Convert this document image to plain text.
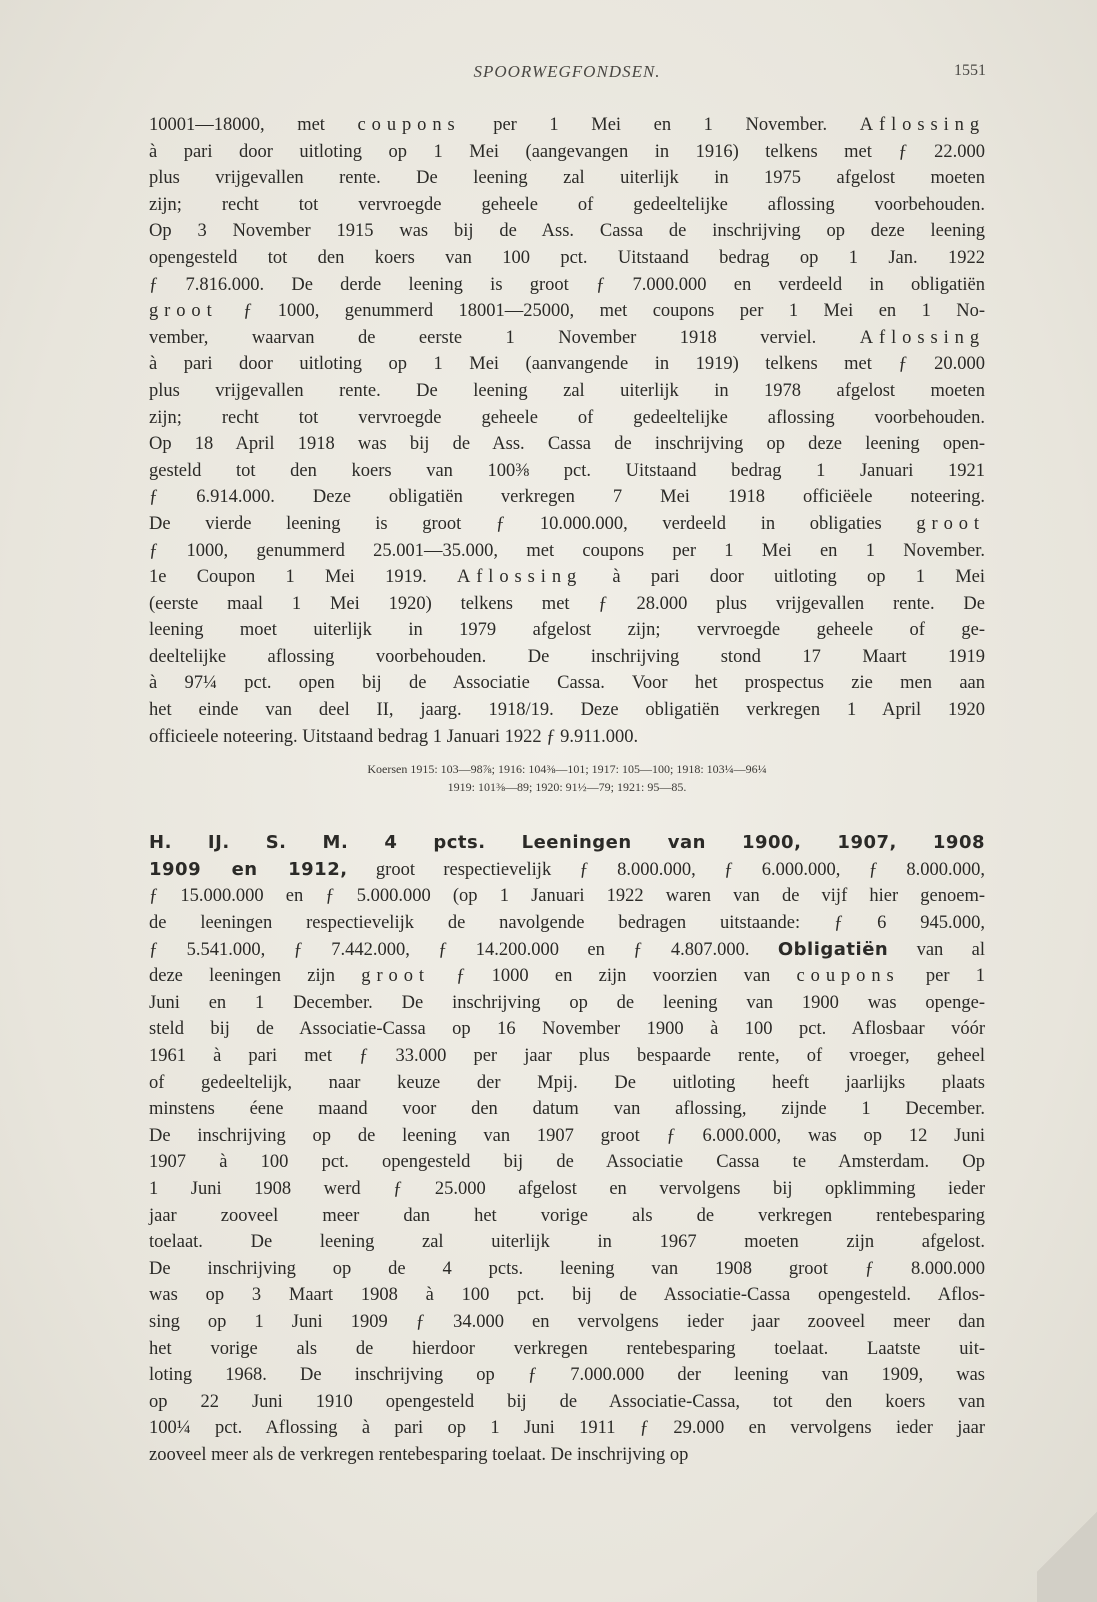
SPOORWEGFONDSEN.	1551
10001—18000, met coupons per 1 Mei en 1 November. Aflossing
à pari door uitloting op 1 Mei (aangevangen in 1916) telkens met ƒ 22.000
plus vrijgevallen rente. De leening zal uiterlijk in 1975 afgelost moeten
zijn; recht tot vervroegde geheele of gedeeltelijke aflossing voorbehouden.
Op 3 November 1915 was bij de Ass. Cassa de inschrijving op deze leening
opengesteld tot den koers van 100 pct. Uitstaand bedrag op 1 Jan. 1922
ƒ 7.816.000. De derde leening is groot ƒ 7.000.000 en verdeeld in obligatiën
groot ƒ 1000, genummerd 18001—25000, met coupons per 1 Mei en 1 No-
vember, waarvan de eerste 1 November 1918 verviel. Aflossing
à pari door uitloting op 1 Mei (aanvangende in 1919) telkens met ƒ 20.000
plus vrijgevallen rente. De leening zal uiterlijk in 1978 afgelost moeten
zijn; recht tot vervroegde geheele of gedeeltelijke aflossing voorbehouden.
Op 18 April 1918 was bij de Ass. Cassa de inschrijving op deze leening open-
gesteld tot den koers van 100⅜ pct. Uitstaand bedrag 1 Januari 1921
ƒ 6.914.000. Deze obligatiën verkregen 7 Mei 1918 officiëele noteering.
De vierde leening is groot ƒ 10.000.000, verdeeld in obligaties groot
ƒ 1000, genummerd 25.001—35.000, met coupons per 1 Mei en 1 November.
1e Coupon 1 Mei 1919. Aflossing à pari door uitloting op 1 Mei
(eerste maal 1 Mei 1920) telkens met ƒ 28.000 plus vrijgevallen rente. De
leening moet uiterlijk in 1979 afgelost zijn; vervroegde geheele of ge-
deeltelijke aflossing voorbehouden. De inschrijving stond 17 Maart 1919
à 97¼ pct. open bij de Associatie Cassa. Voor het prospectus zie men aan
het einde van deel II, jaarg. 1918/19. Deze obligatiën verkregen 1 April 1920
officieele noteering. Uitstaand bedrag 1 Januari 1922 ƒ 9.911.000.
Koersen 1915: 103—98⅞; 1916: 104⅜—101; 1917: 105—100; 1918: 103¼—96¼
1919: 101⅜—89; 1920: 91½—79; 1921: 95—85.
H. IJ. S. M. 4 pcts. Leeningen van 1900, 1907, 1908
1909 en 1912, groot respectievelijk ƒ 8.000.000, ƒ 6.000.000, ƒ 8.000.000,
ƒ 15.000.000 en ƒ 5.000.000 (op 1 Januari 1922 waren van de vijf hier genoem-
de leeningen respectievelijk de navolgende bedragen uitstaande: ƒ 6 945.000,
ƒ 5.541.000, ƒ 7.442.000, ƒ 14.200.000 en ƒ 4.807.000. Obligatiën van al
deze leeningen zijn groot ƒ 1000 en zijn voorzien van coupons per 1
Juni en 1 December. De inschrijving op de leening van 1900 was openge-
steld bij de Associatie-Cassa op 16 November 1900 à 100 pct. Aflosbaar vóór
1961 à pari met ƒ 33.000 per jaar plus bespaarde rente, of vroeger, geheel
of gedeeltelijk, naar keuze der Mpij. De uitloting heeft jaarlijks plaats
minstens éene maand voor den datum van aflossing, zijnde 1 December.
De inschrijving op de leening van 1907 groot ƒ 6.000.000, was op 12 Juni
1907 à 100 pct. opengesteld bij de Associatie Cassa te Amsterdam. Op
1 Juni 1908 werd ƒ 25.000 afgelost en vervolgens bij opklimming ieder
jaar zooveel meer dan het vorige als de verkregen rentebesparing
toelaat. De leening zal uiterlijk in 1967 moeten zijn afgelost.
De inschrijving op de 4 pcts. leening van 1908 groot ƒ 8.000.000
was op 3 Maart 1908 à 100 pct. bij de Associatie-Cassa opengesteld. Aflos-
sing op 1 Juni 1909 ƒ 34.000 en vervolgens ieder jaar zooveel meer dan
het vorige als de hierdoor verkregen rentebesparing toelaat. Laatste uit-
loting 1968. De inschrijving op ƒ 7.000.000 der leening van 1909, was
op 22 Juni 1910 opengesteld bij de Associatie-Cassa, tot den koers van
100¼ pct. Aflossing à pari op 1 Juni 1911 ƒ 29.000 en vervolgens ieder jaar
zooveel meer als de verkregen rentebesparing toelaat. De inschrijving op
